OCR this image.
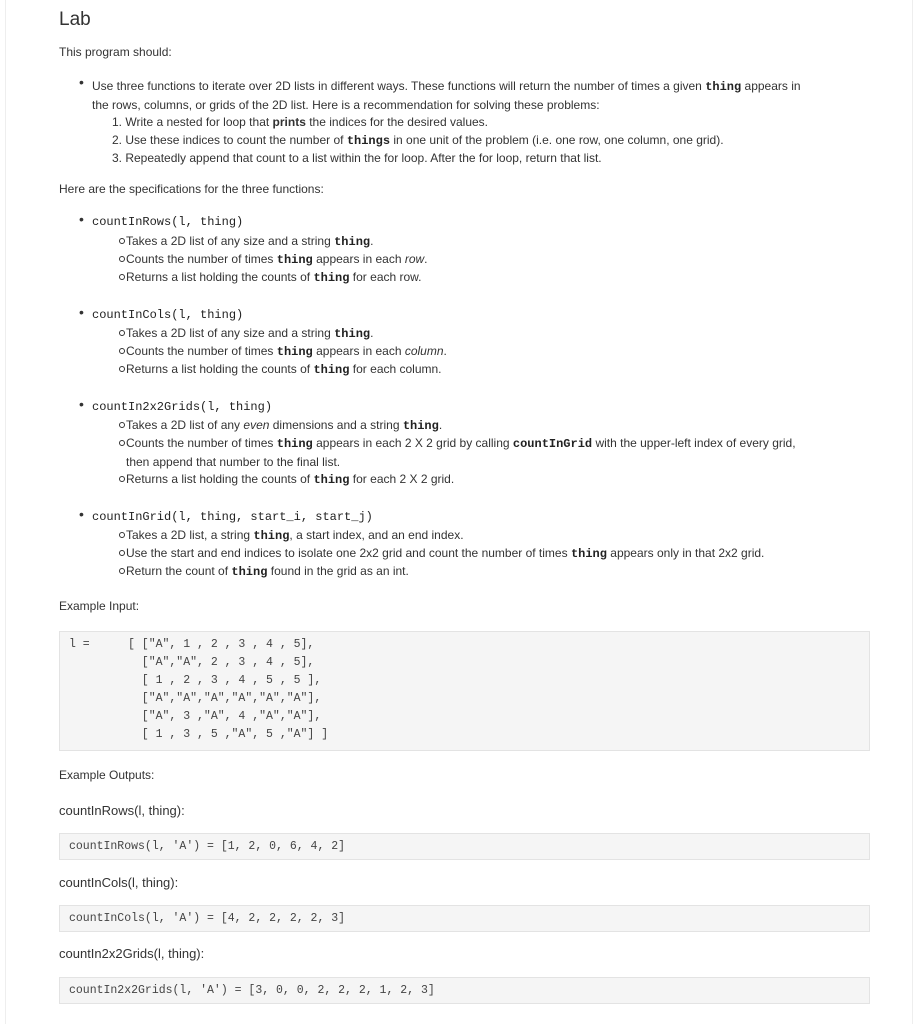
Lab
This program should:
• Use three functions to iterate over 2D lists in different ways. These functions will return the number of times a given thing appears in
the rows, columns, or grids of the 2D list. Here is a recommendation for solving these problems:
1. Write a nested for loop that prints the indices for the desired values.
2. Use these indices to count the number of things in one unit of the problem (i.e. one row, one column, one grid).
3. Repeatedly append that count to a list within the for loop. After the for loop, return that list.
Here are the specifications for the three functions:
• countInRows(l, thing)
Takes a 2D list of any size and a string thing.
Counts the number of times thing appears in each row.
Returns a list holding the counts of thing for each row.
• countInCols(l, thing)
Takes a 2D list of any size and a string thing.
Counts the number of times thing appears in each column.
Returns a list holding the counts of thing for each column.
• countIn2x2Grids(l, thing)
Takes a 2D list of any even dimensions and a string thing.
Counts the number of times thing appears in each 2 X 2 grid by calling countInGrid with the upper-left index of every grid,
then append that number to the final list.
Returns a list holding the counts of thing for each 2 X 2 grid.
• countInGrid(l, thing, start_i, start_j)
Takes a 2D list, a string thing, a start index, and an end index.
Use the start and end indices to isolate one 2x2 grid and count the number of times thing appears only in that 2x2 grid.
Return the count of thing found in the grid as an int.
Example Input:
l =	[ ["A", 1 , 2 , 3 , 4 , 5],
["A","A", 2 , 3 , 4 , 5],
[ 1 , 2 , 3 , 4 , 5 , 5 ],
["A","A","A","A","A","A"],
["A", 3 ,"A", 4 ,"A","A"],
[ 1 , 3 , 5 ,"A", 5 ,"A"] ]
Example Outputs:
countInRows(l, thing):
countInRows(l, 'A') = [1, 2, 0, 6, 4, 2]
countInCols(l, thing):
countInCols(l, 'A') = [4, 2, 2, 2, 2, 3]
countIn2x2Grids(l, thing):
countIn2x2Grids(l, 'A') = [3, 0, 0, 2, 2, 2, 1, 2, 3]
